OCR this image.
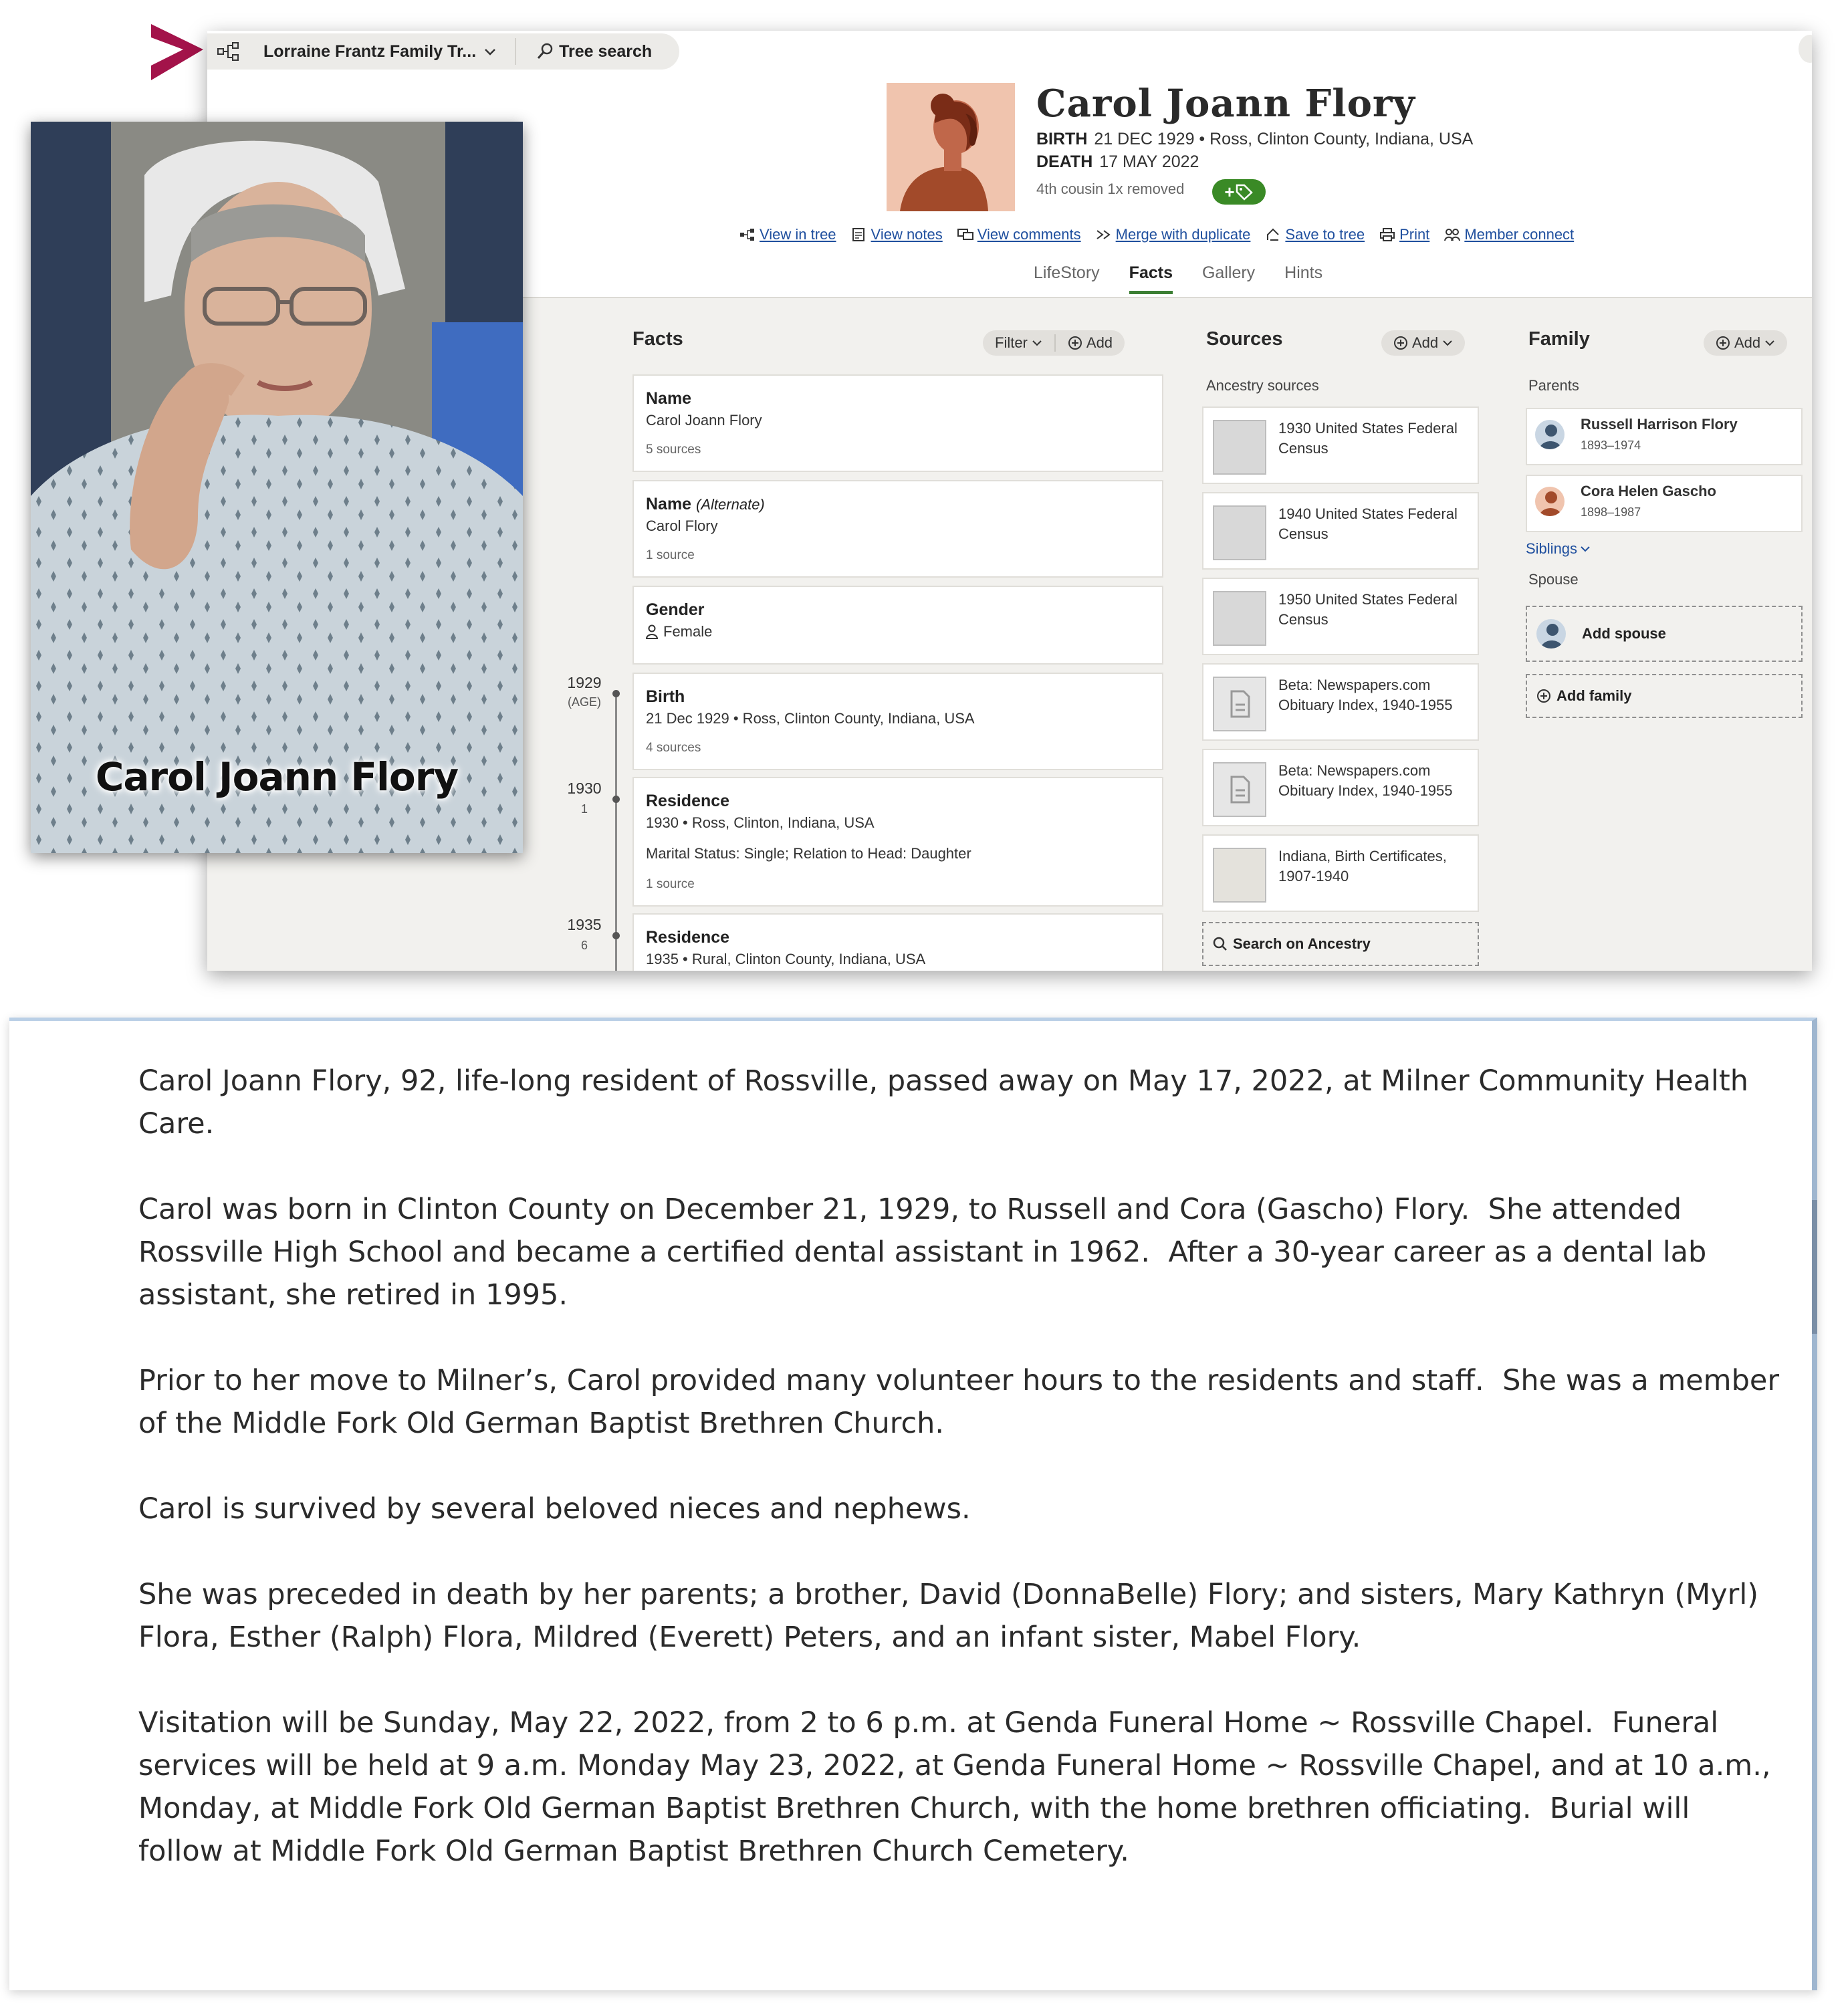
Lorraine Frantz Family Tr...	Tree search
Carol Joann Flory
BIRTH 21 DEC 1929 • Ross, Clinton County, Indiana, USA
DEATH 17 MAY 2022
4th cousin 1x removed +
View in tree View notes View comments Merge with duplicate Save to tree Print Member connect
LifeStory Facts Gallery Hints
Facts	Filter	Add
1929
(AGE)
1930
1
1935
6
Name
Carol Joann Flory
5 sources
Name (Alternate)
Carol Flory
1 source
Gender
Female
Birth
21 Dec 1929 • Ross, Clinton County, Indiana, USA
4 sources
Residence
1930 • Ross, Clinton, Indiana, USA
Marital Status: Single; Relation to Head: Daughter
1 source
Residence
1935 • Rural, Clinton County, Indiana, USA
Sources	Add
Ancestry sources
1930 United States Federal Census
1940 United States Federal Census
1950 United States Federal Census
Beta: Newspapers.com Obituary Index, 1940-1955
Beta: Newspapers.com Obituary Index, 1940-1955
Indiana, Birth Certificates, 1907-1940
Search on Ancestry
Family	Add
Parents
Russell Harrison Flory
1893–1974
Cora Helen Gascho
1898–1987
Siblings
Spouse
Add spouse
Add family
Carol Joann Flory

Carol Joann Flory, 92, life-long resident of Rossville, passed away on May 17, 2022, at Milner Community Health Care.

Carol was born in Clinton County on December 21, 1929, to Russell and Cora (Gascho) Flory.  She attended Rossville High School and became a certified dental assistant in 1962.  After a 30-year career as a dental lab assistant, she retired in 1995.

Prior to her move to Milner’s, Carol provided many volunteer hours to the residents and staff.  She was a member of the Middle Fork Old German Baptist Brethren Church.

Carol is survived by several beloved nieces and nephews.

She was preceded in death by her parents; a brother, David (DonnaBelle) Flory; and sisters, Mary Kathryn (Myrl) Flora, Esther (Ralph) Flora, Mildred (Everett) Peters, and an infant sister, Mabel Flory.

Visitation will be Sunday, May 22, 2022, from 2 to 6 p.m. at Genda Funeral Home ~ Rossville Chapel.  Funeral services will be held at 9 a.m. Monday May 23, 2022, at Genda Funeral Home ~ Rossville Chapel, and at 10 a.m., Monday, at Middle Fork Old German Baptist Brethren Church, with the home brethren officiating.  Burial will follow at Middle Fork Old German Baptist Brethren Church Cemetery.
